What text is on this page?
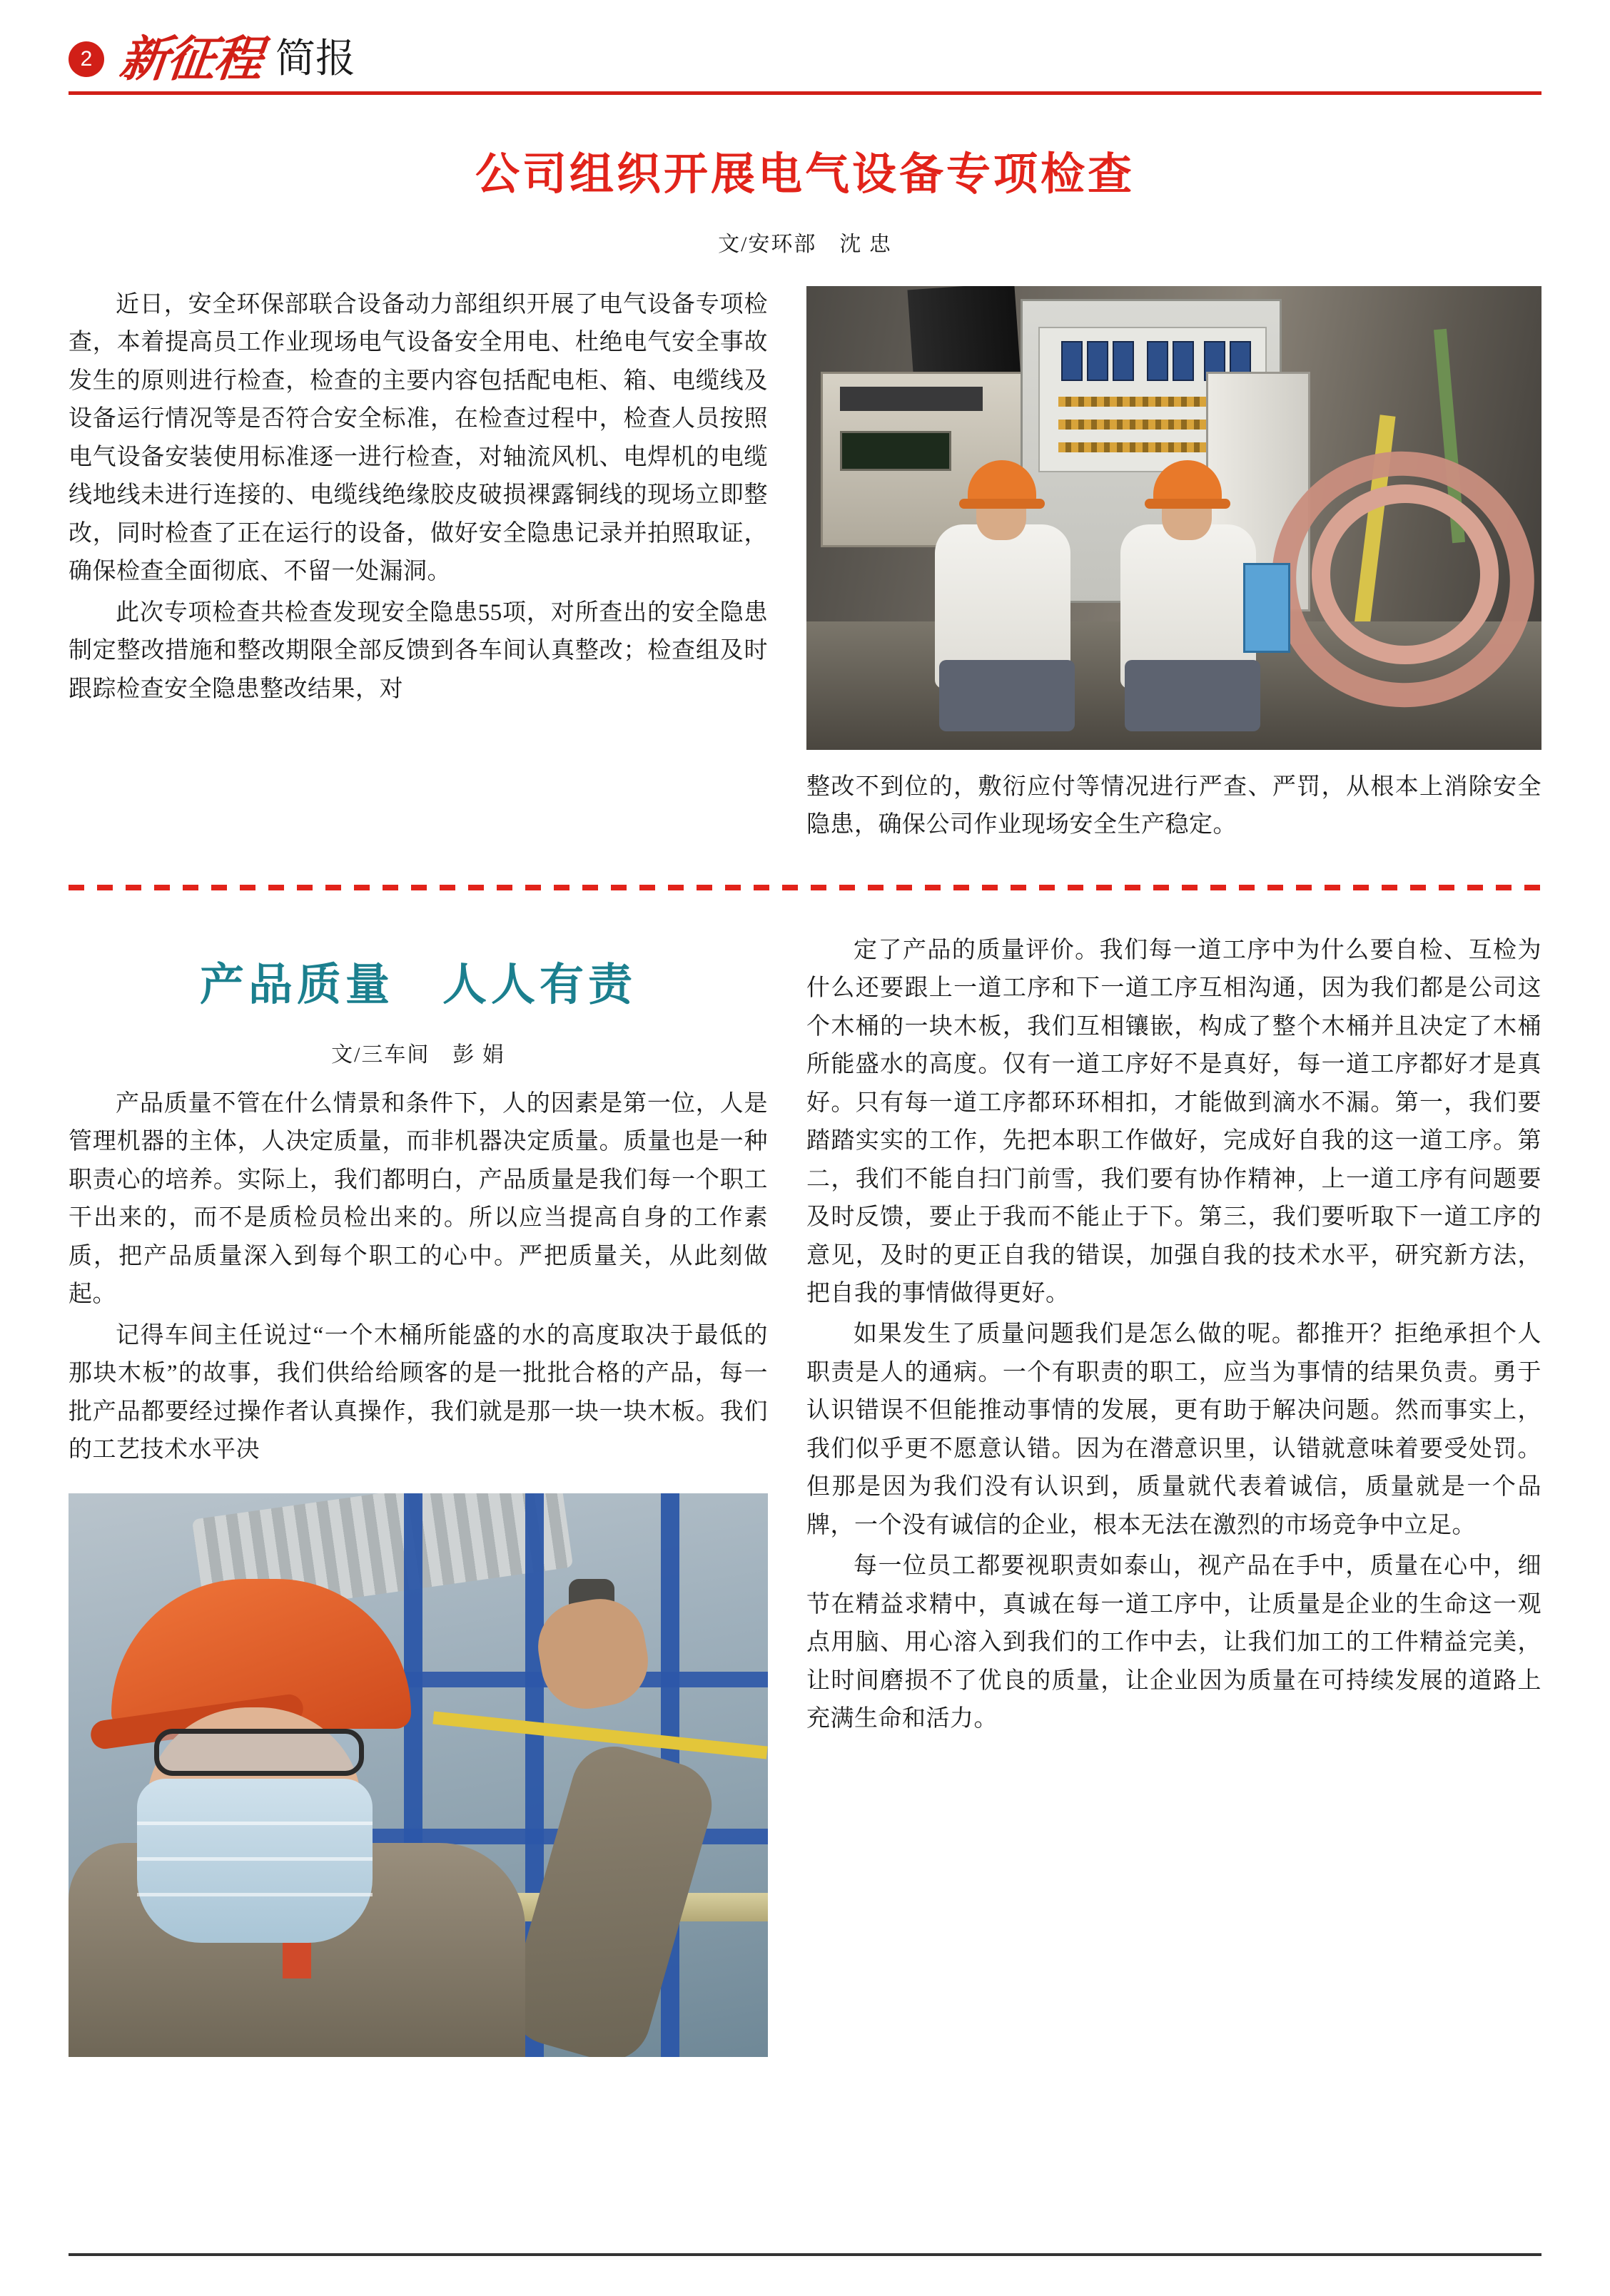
2 新征程 简报
公司组织开展电气设备专项检查
文/安环部　沈 忠

近日，安全环保部联合设备动力部组织开展了电气设备专项检查，本着提高员工作业现场电气设备安全用电、杜绝电气安全事故发生的原则进行检查，检查的主要内容包括配电柜、箱、电缆线及设备运行情况等是否符合安全标准，在检查过程中，检查人员按照电气设备安装使用标准逐一进行检查，对轴流风机、电焊机的电缆线地线未进行连接的、电缆线绝缘胶皮破损裸露铜线的现场立即整改，同时检查了正在运行的设备，做好安全隐患记录并拍照取证，确保检查全面彻底、不留一处漏洞。

此次专项检查共检查发现安全隐患55项，对所查出的安全隐患制定整改措施和整改期限全部反馈到各车间认真整改；检查组及时跟踪检查安全隐患整改结果，对

整改不到位的，敷衍应付等情况进行严查、严罚，从根本上消除安全隐患，确保公司作业现场安全生产稳定。
产品质量　人人有责
文/三车间　彭 娟

产品质量不管在什么情景和条件下，人的因素是第一位，人是管理机器的主体，人决定质量，而非机器决定质量。质量也是一种职责心的培养。实际上，我们都明白，产品质量是我们每一个职工干出来的，而不是质检员检出来的。所以应当提高自身的工作素质，把产品质量深入到每个职工的心中。严把质量关，从此刻做起。

记得车间主任说过“一个木桶所能盛的水的高度取决于最低的那块木板”的故事，我们供给给顾客的是一批批合格的产品，每一批产品都要经过操作者认真操作，我们就是那一块一块木板。我们的工艺技术水平决

定了产品的质量评价。我们每一道工序中为什么要自检、互检为什么还要跟上一道工序和下一道工序互相沟通，因为我们都是公司这个木桶的一块木板，我们互相镶嵌，构成了整个木桶并且决定了木桶所能盛水的高度。仅有一道工序好不是真好，每一道工序都好才是真好。只有每一道工序都环环相扣，才能做到滴水不漏。第一，我们要踏踏实实的工作，先把本职工作做好，完成好自我的这一道工序。第二，我们不能自扫门前雪，我们要有协作精神，上一道工序有问题要及时反馈，要止于我而不能止于下。第三，我们要听取下一道工序的意见，及时的更正自我的错误，加强自我的技术水平，研究新方法，把自我的事情做得更好。

如果发生了质量问题我们是怎么做的呢。都推开？拒绝承担个人职责是人的通病。一个有职责的职工，应当为事情的结果负责。勇于认识错误不但能推动事情的发展，更有助于解决问题。然而事实上，我们似乎更不愿意认错。因为在潜意识里，认错就意味着要受处罚。但那是因为我们没有认识到，质量就代表着诚信，质量就是一个品牌，一个没有诚信的企业，根本无法在激烈的市场竞争中立足。

每一位员工都要视职责如泰山，视产品在手中，质量在心中，细节在精益求精中，真诚在每一道工序中，让质量是企业的生命这一观点用脑、用心溶入到我们的工作中去，让我们加工的工件精益完美，让时间磨损不了优良的质量，让企业因为质量在可持续发展的道路上充满生命和活力。
